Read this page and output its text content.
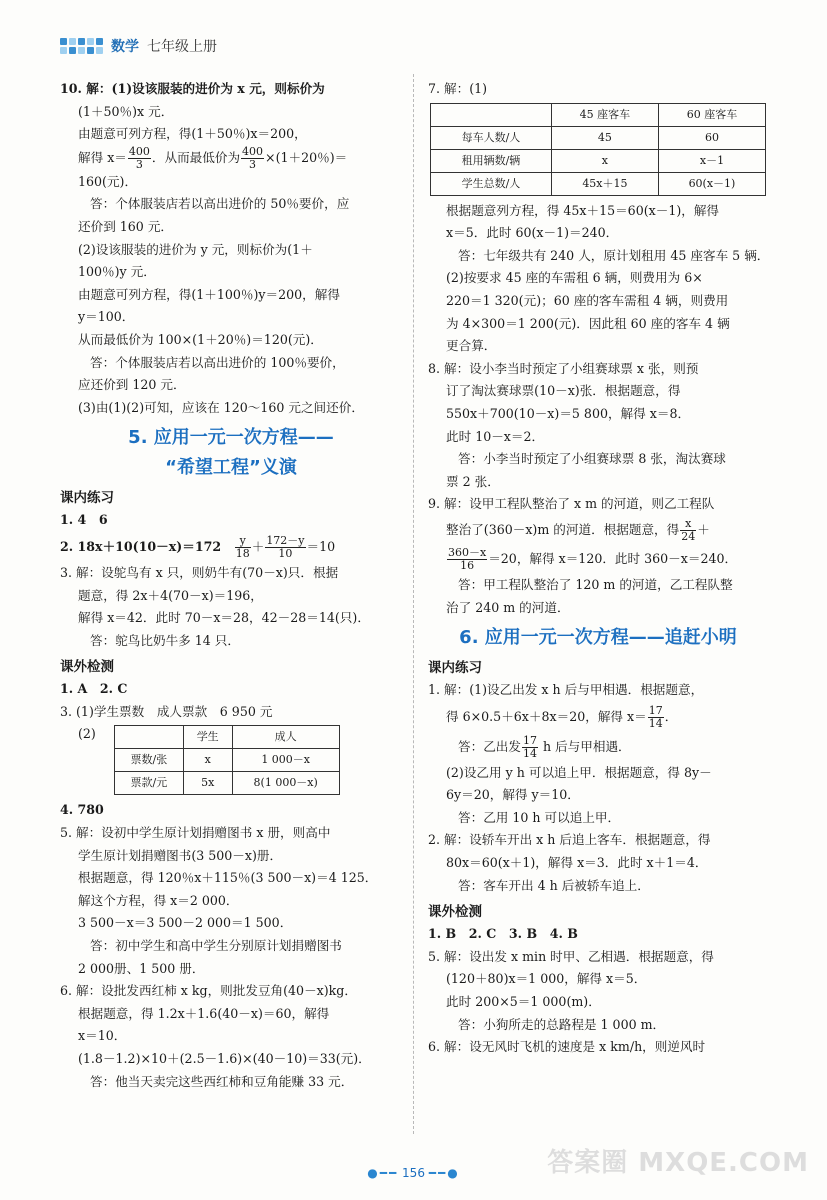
数学 七年级上册

10. 解：(1)设该服装的进价为 x 元，则标价为

(1＋50％)x 元．

由题意可列方程，得(1＋50％)x＝200，

解得 $x= \frac{400}{3}$ ．从而最低价为 $\frac{400}{3} \times(1+20$％)＝

160(元)．

答：个体服装店若以高出进价的 50％要价，应

还价到 160 元．

(2)设该服装的进价为 y 元，则标价为(1＋

100％)y 元．

由题意可列方程，得(1＋100％)y＝200，解得

y＝100．

从而最低价为 100×(1＋20％)＝120(元)．

答：个体服装店若以高出进价的 100％要价，

应还价到 120 元．

(3)由(1)(2)可知，应该在 120～160 元之间还价．

5. 应用一元一次方程——
“希望工程”义演

课内练习

1. 4　6

2. 18x＋10(10－x)＝172　 $\frac{y}{18} + \frac{172-y}{10} =10$

3. 解：设鸵鸟有 x 只，则奶牛有(70－x)只．根据

题意，得 2x＋4(70－x)＝196，

解得 x＝42．此时 70－x＝28，42－28＝14(只)．

答：鸵鸟比奶牛多 14 只．

课外检测

1. A　2. C

3. (1)学生票数　成人票款　6 950 元

(2)
		学生	成人
票数/张	x	1 000－x
票款/元	5x	8(1 000－x)

4. 780

5. 解：设初中学生原计划捐赠图书 x 册，则高中

学生原计划捐赠图书(3 500－x)册．

根据题意，得 120％x＋115％(3 500－x)＝4 125．

解这个方程，得 x＝2 000．

3 500－x＝3 500－2 000＝1 500．

答：初中学生和高中学生分别原计划捐赠图书

2 000册、1 500 册．

6. 解：设批发西红柿 x kg，则批发豆角(40－x)kg．

根据题意，得 1.2x＋1.6(40－x)＝60，解得

x＝10．

(1.8－1.2)×10＋(2.5－1.6)×(40－10)＝33(元)．

答：他当天卖完这些西红柿和豆角能赚 33 元．

7. 解：(1)

	45 座客车	60 座客车
每车人数/人	45	60
租用辆数/辆	x	x－1
学生总数/人	45x＋15	60(x－1)

根据题意列方程，得 45x＋15＝60(x－1)，解得

x＝5．此时 60(x－1)＝240．

答：七年级共有 240 人，原计划租用 45 座客车 5 辆．

(2)按要求 45 座的车需租 6 辆，则费用为 6×

220＝1 320(元)；60 座的客车需租 4 辆，则费用

为 4×300＝1 200(元)．因此租 60 座的客车 4 辆

更合算．

8. 解：设小李当时预定了小组赛球票 x 张，则预

订了淘汰赛球票(10－x)张．根据题意，得

550x＋700(10－x)＝5 800，解得 x＝8．

此时 10－x＝2．

答：小李当时预定了小组赛球票 8 张，淘汰赛球

票 2 张．

9. 解：设甲工程队整治了 x m 的河道，则乙工程队

整治了(360－x)m 的河道．根据题意，得 $\frac{x}{24}$ ＋

$\frac{360-x}{16} =20$，解得 x＝120．此时 360－x＝240．

答：甲工程队整治了 120 m 的河道，乙工程队整

治了 240 m 的河道．

6. 应用一元一次方程——追赶小明

课内练习

1. 解：(1)设乙出发 x h 后与甲相遇．根据题意，

得 6×0.5＋6x＋8x＝20，解得 $x= \frac{17}{14}$ ．

答：乙出发 $\frac{17}{14}$ h 后与甲相遇．

(2)设乙用 y h 可以追上甲．根据题意，得 8y－

6y＝20，解得 y＝10．

答：乙用 10 h 可以追上甲．

2. 解：设轿车开出 x h 后追上客车．根据题意，得

80x＝60(x＋1)，解得 x＝3．此时 x＋1＝4．

答：客车开出 4 h 后被轿车追上．

课外检测

1. B　2. C　3. B　4. B

5. 解：设出发 x min 时甲、乙相遇．根据题意，得

(120＋80)x＝1 000，解得 x＝5．

此时 200×5＝1 000(m)．

答：小狗所走的总路程是 1 000 m．

6. 解：设无风时飞机的速度是 x km/h，则逆风时

●━━ 156 ━━●	答案圈 MXQE.COM
